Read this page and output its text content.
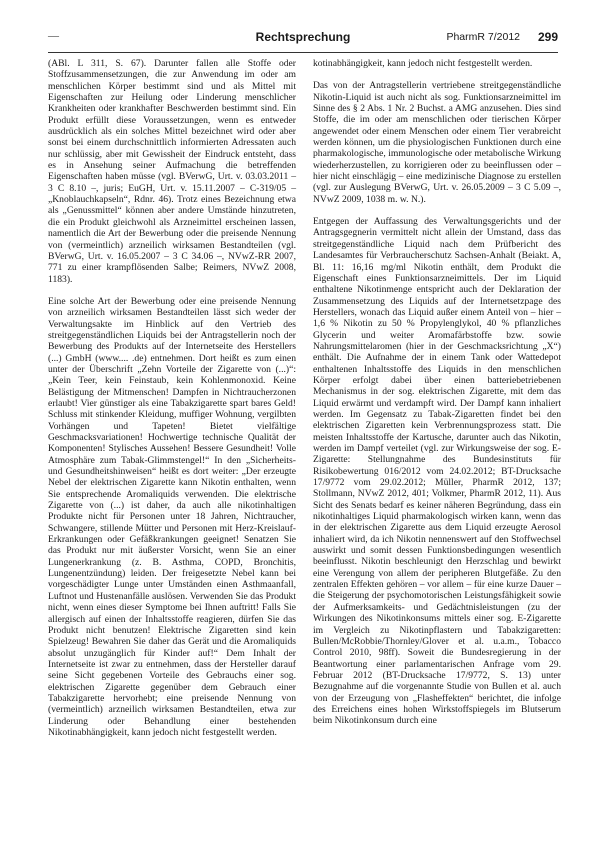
—	Rechtsprechung	PharmR 7/2012 299

(ABl. L 311, S. 67). Darunter fallen alle Stoffe oder Stoffzusammensetzungen, die zur Anwendung im oder am menschlichen Körper bestimmt sind und als Mittel mit Eigenschaften zur Heilung oder Linderung menschlicher Krankheiten oder krankhafter Beschwerden bestimmt sind. Ein Produkt erfüllt diese Voraussetzungen, wenn es entweder ausdrücklich als ein solches Mittel bezeichnet wird oder aber sonst bei einem durchschnittlich informierten Adressaten auch nur schlüssig, aber mit Gewissheit der Eindruck entsteht, dass es in Ansehung seiner Aufmachung die betreffenden Eigenschaften haben müsse (vgl. BVerwG, Urt. v. 03.03.2011 – 3 C 8.10 –, juris; EuGH, Urt. v. 15.11.2007 – C-319/05 – „Knoblauchkapseln“, Rdnr. 46). Trotz eines Bezeichnung etwa als „Genussmittel“ können aber andere Umstände hinzutreten, die ein Produkt gleichwohl als Arzneimittel erscheinen lassen, namentlich die Art der Bewerbung oder die preisende Nennung von (vermeintlich) arzneilich wirksamen Bestandteilen (vgl. BVerwG, Urt. v. 16.05.2007 – 3 C 34.06 –, NVwZ-RR 2007, 771 zu einer krampflösenden Salbe; Reimers, NVwZ 2008, 1183).

Eine solche Art der Bewerbung oder eine preisende Nennung von arzneilich wirksamen Bestandteilen lässt sich weder der Verwaltungsakte im Hinblick auf den Vertrieb des streitgegenständlichen Liquids bei der Antragstellerin noch der Bewerbung des Produkts auf der Internetseite des Herstellers (...) GmbH (www.... .de) entnehmen. Dort heißt es zum einen unter der Überschrift „Zehn Vorteile der Zigarette von (...)“: „Kein Teer, kein Feinstaub, kein Kohlenmonoxid. Keine Belästigung der Mitmenschen! Dampfen in Nichtraucherzonen erlaubt! Vier günstiger als eine Tabakzigarette spart bares Geld! Schluss mit stinkender Kleidung, muffiger Wohnung, vergilbten Vorhängen und Tapeten! Bietet vielfältige Geschmacksvariationen! Hochwertige technische Qualität der Komponenten! Stylisches Aussehen! Bessere Gesundheit! Volle Atmosphäre zum Tabak-Glimmstengel!“ In den „Sicherheits- und Gesundheitshinweisen“ heißt es dort weiter: „Der erzeugte Nebel der elektrischen Zigarette kann Nikotin enthalten, wenn Sie entsprechende Aromaliquids verwenden. Die elektrische Zigarette von (...) ist daher, da auch alle nikotinhaltigen Produkte nicht für Personen unter 18 Jahren, Nichtraucher, Schwangere, stillende Mütter und Personen mit Herz-Kreislauf-Erkrankungen oder Gefäßkrankungen geeignet! Senatzen Sie das Produkt nur mit äußerster Vorsicht, wenn Sie an einer Lungenerkrankung (z. B. Asthma, COPD, Bronchitis, Lungenentzündung) leiden. Der freigesetzte Nebel kann bei vorgeschädigter Lunge unter Umständen einen Asthmaanfall, Luftnot und Hustenanfälle auslösen. Verwenden Sie das Produkt nicht, wenn eines dieser Symptome bei Ihnen auftritt! Falls Sie allergisch auf einen der Inhaltsstoffe reagieren, dürfen Sie das Produkt nicht benutzen! Elektrische Zigaretten sind kein Spielzeug! Bewahren Sie daher das Gerät und die Aromaliquids absolut unzugänglich für Kinder auf!“ Dem Inhalt der Internetseite ist zwar zu entnehmen, dass der Hersteller darauf seine Sicht gegebenen Vorteile des Gebrauchs einer sog. elektrischen Zigarette gegenüber dem Gebrauch einer Tabakzigarette hervorhebt; eine preisende Nennung von (vermeintlich) arzneilich wirksamen Bestandteilen, etwa zur Linderung oder Behandlung einer bestehenden Nikotinabhängigkeit, kann jedoch nicht festgestellt werden.

kotinabhängigkeit, kann jedoch nicht festgestellt werden.

Das von der Antragstellerin vertriebene streitgegenständliche Nikotin-Liquid ist auch nicht als sog. Funktionsarzneimittel im Sinne des § 2 Abs. 1 Nr. 2 Buchst. a AMG anzusehen. Dies sind Stoffe, die im oder am menschlichen oder tierischen Körper angewendet oder einem Menschen oder einem Tier verabreicht werden können, um die physiologischen Funktionen durch eine pharmakologische, immunologische oder metabolische Wirkung wiederherzustellen, zu korrigieren oder zu beeinflussen oder – hier nicht einschlägig – eine medizinische Diagnose zu erstellen (vgl. zur Auslegung BVerwG, Urt. v. 26.05.2009 – 3 C 5.09 –, NVwZ 2009, 1038 m. w. N.).

Entgegen der Auffassung des Verwaltungsgerichts und der Antragsgegnerin vermittelt nicht allein der Umstand, dass das streitgegenständliche Liquid nach dem Prüfbericht des Landesamtes für Verbraucherschutz Sachsen-Anhalt (Beiakt. A, Bl. 11: 16,16 mg/ml Nikotin enthält, dem Produkt die Eigenschaft eines Funktionsarzneimittels. Der im Liquid enthaltene Nikotinmenge entspricht auch der Deklaration der Zusammensetzung des Liquids auf der Internetsetzpage des Herstellers, wonach das Liquid außer einem Anteil von – hier – 1,6 % Nikotin zu 50 % Propylenglykol, 40 % pflanzliches Glycerin und weiter Aromafärbstoffe bzw. sowie Nahrungsmittelaromen (hier in der Geschmacksrichtung „X“) enthält. Die Aufnahme der in einem Tank oder Wattedepot enthaltenen Inhaltsstoffe des Liquids in den menschlichen Körper erfolgt dabei über einen batteriebetriebenen Mechanismus in der sog. elektrischen Zigarette, mit dem das Liquid erwärmt und verdampft wird. Der Dampf kann inhaliert werden. Im Gegensatz zu Tabak-Zigaretten findet bei den elektrischen Zigaretten kein Verbrennungsprozess statt. Die meisten Inhaltsstoffe der Kartusche, darunter auch das Nikotin, werden im Dampf verteilet (vgl. zur Wirkungsweise der sog. E-Zigarette: Stellungnahme des Bundesinstituts für Risikobewertung 016/2012 vom 24.02.2012; BT-Drucksache 17/9772 vom 29.02.2012; Müller, PharmR 2012, 137; Stollmann, NVwZ 2012, 401; Volkmer, PharmR 2012, 11). Aus Sicht des Senats bedarf es keiner näheren Begründung, dass ein nikotinhaltiges Liquid pharmakologisch wirken kann, wenn das in der elektrischen Zigarette aus dem Liquid erzeugte Aerosol inhaliert wird, da ich Nikotin nennenswert auf den Stoffwechsel auswirkt und somit dessen Funktionsbedingungen wesentlich beeinflusst. Nikotin beschleunigt den Herzschlag und bewirkt eine Verengung von allem der peripheren Blutgefäße. Zu den zentralen Effekten gehören – vor allem – für eine kurze Dauer – die Steigerung der psychomotorischen Leistungsfähigkeit sowie der Aufmerksamkeits- und Gedächtnisleistungen (zu der Wirkungen des Nikotinkonsums mittels einer sog. E-Zigarette im Vergleich zu Nikotinpflastern und Tabakzigaretten: Bullen/McRobbie/Thornley/Glover et al. u.a.m., Tobacco Control 2010, 98ff). Soweit die Bundesregierung in der Beantwortung einer parlamentarischen Anfrage vom 29. Februar 2012 (BT-Drucksache 17/9772, S. 13) unter Bezugnahme auf die vorgenannte Studie von Bullen et al. auch von der Erzeugung von „Flasheffekten“ berichtet, die infolge des Erreichens eines hohen Wirkstoffspiegels im Blutserum beim Nikotinkonsum durch eine
